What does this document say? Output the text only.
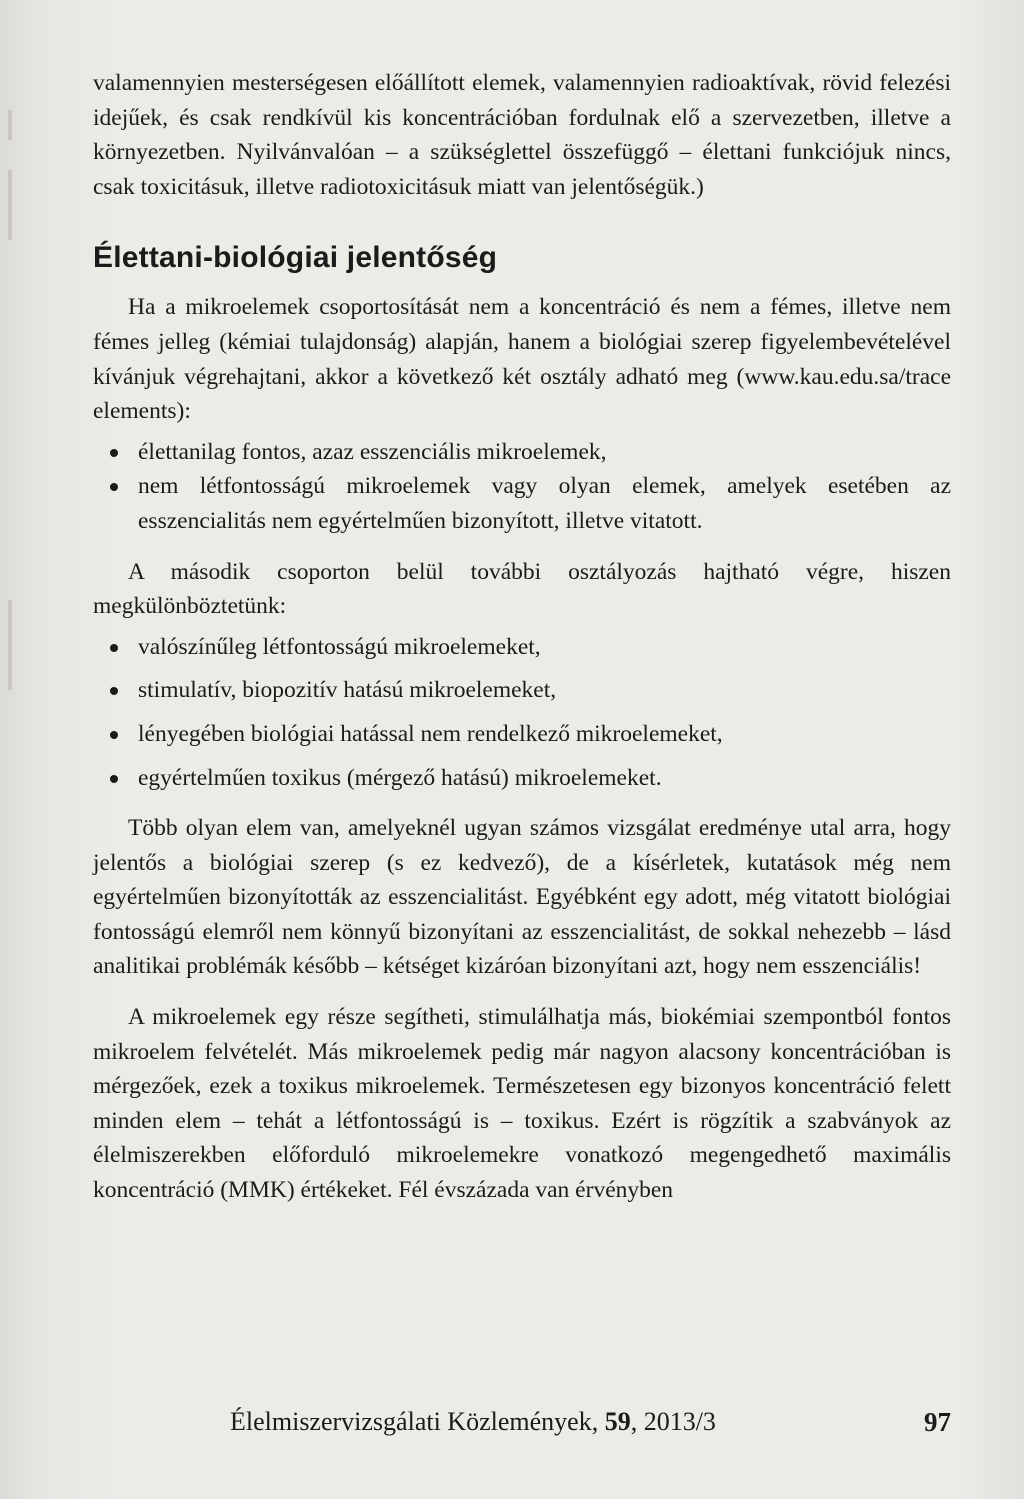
valamennyien mesterségesen előállított elemek, valamennyien radioaktívak, rövid felezési idejűek, és csak rendkívül kis koncentrációban fordulnak elő a szervezetben, illetve a környezetben. Nyilvánvalóan – a szükséglettel összefüggő – élettani funkciójuk nincs, csak toxicitásuk, illetve radiotoxicitásuk miatt van jelentőségük.)

Élettani-biológiai jelentőség

Ha a mikroelemek csoportosítását nem a koncentráció és nem a fémes, illetve nem fémes jelleg (kémiai tulajdonság) alapján, hanem a biológiai szerep figyelembevételével kívánjuk végrehajtani, akkor a következő két osztály adható meg (www.kau.edu.sa/trace elements):

élettanilag fontos, azaz esszenciális mikroelemek,
nem létfontosságú mikroelemek vagy olyan elemek, amelyek esetében az esszencialitás nem egyértelműen bizonyított, illetve vitatott.

A második csoporton belül további osztályozás hajtható végre, hiszen megkülönböztetünk:

valószínűleg létfontosságú mikroelemeket,
stimulatív, biopozitív hatású mikroelemeket,
lényegében biológiai hatással nem rendelkező mikroelemeket,
egyértelműen toxikus (mérgező hatású) mikroelemeket.

Több olyan elem van, amelyeknél ugyan számos vizsgálat eredménye utal arra, hogy jelentős a biológiai szerep (s ez kedvező), de a kísérletek, kutatások még nem egyértelműen bizonyították az esszencialitást. Egyébként egy adott, még vitatott biológiai fontosságú elemről nem könnyű bizonyítani az esszencialitást, de sokkal nehezebb – lásd analitikai problémák később – kétséget kizáróan bizonyítani azt, hogy nem esszenciális!

A mikroelemek egy része segítheti, stimulálhatja más, biokémiai szempontból fontos mikroelem felvételét. Más mikroelemek pedig már nagyon alacsony koncentrációban is mérgezőek, ezek a toxikus mikroelemek. Természetesen egy bizonyos koncentráció felett minden elem – tehát a létfontosságú is – toxikus. Ezért is rögzítik a szabványok az élelmiszerekben előforduló mikroelemekre vonatkozó megengedhető maximális koncentráció (MMK) értékeket. Fél évszázada van érvényben

Élelmiszervizsgálati Közlemények, 59, 2013/3	97
